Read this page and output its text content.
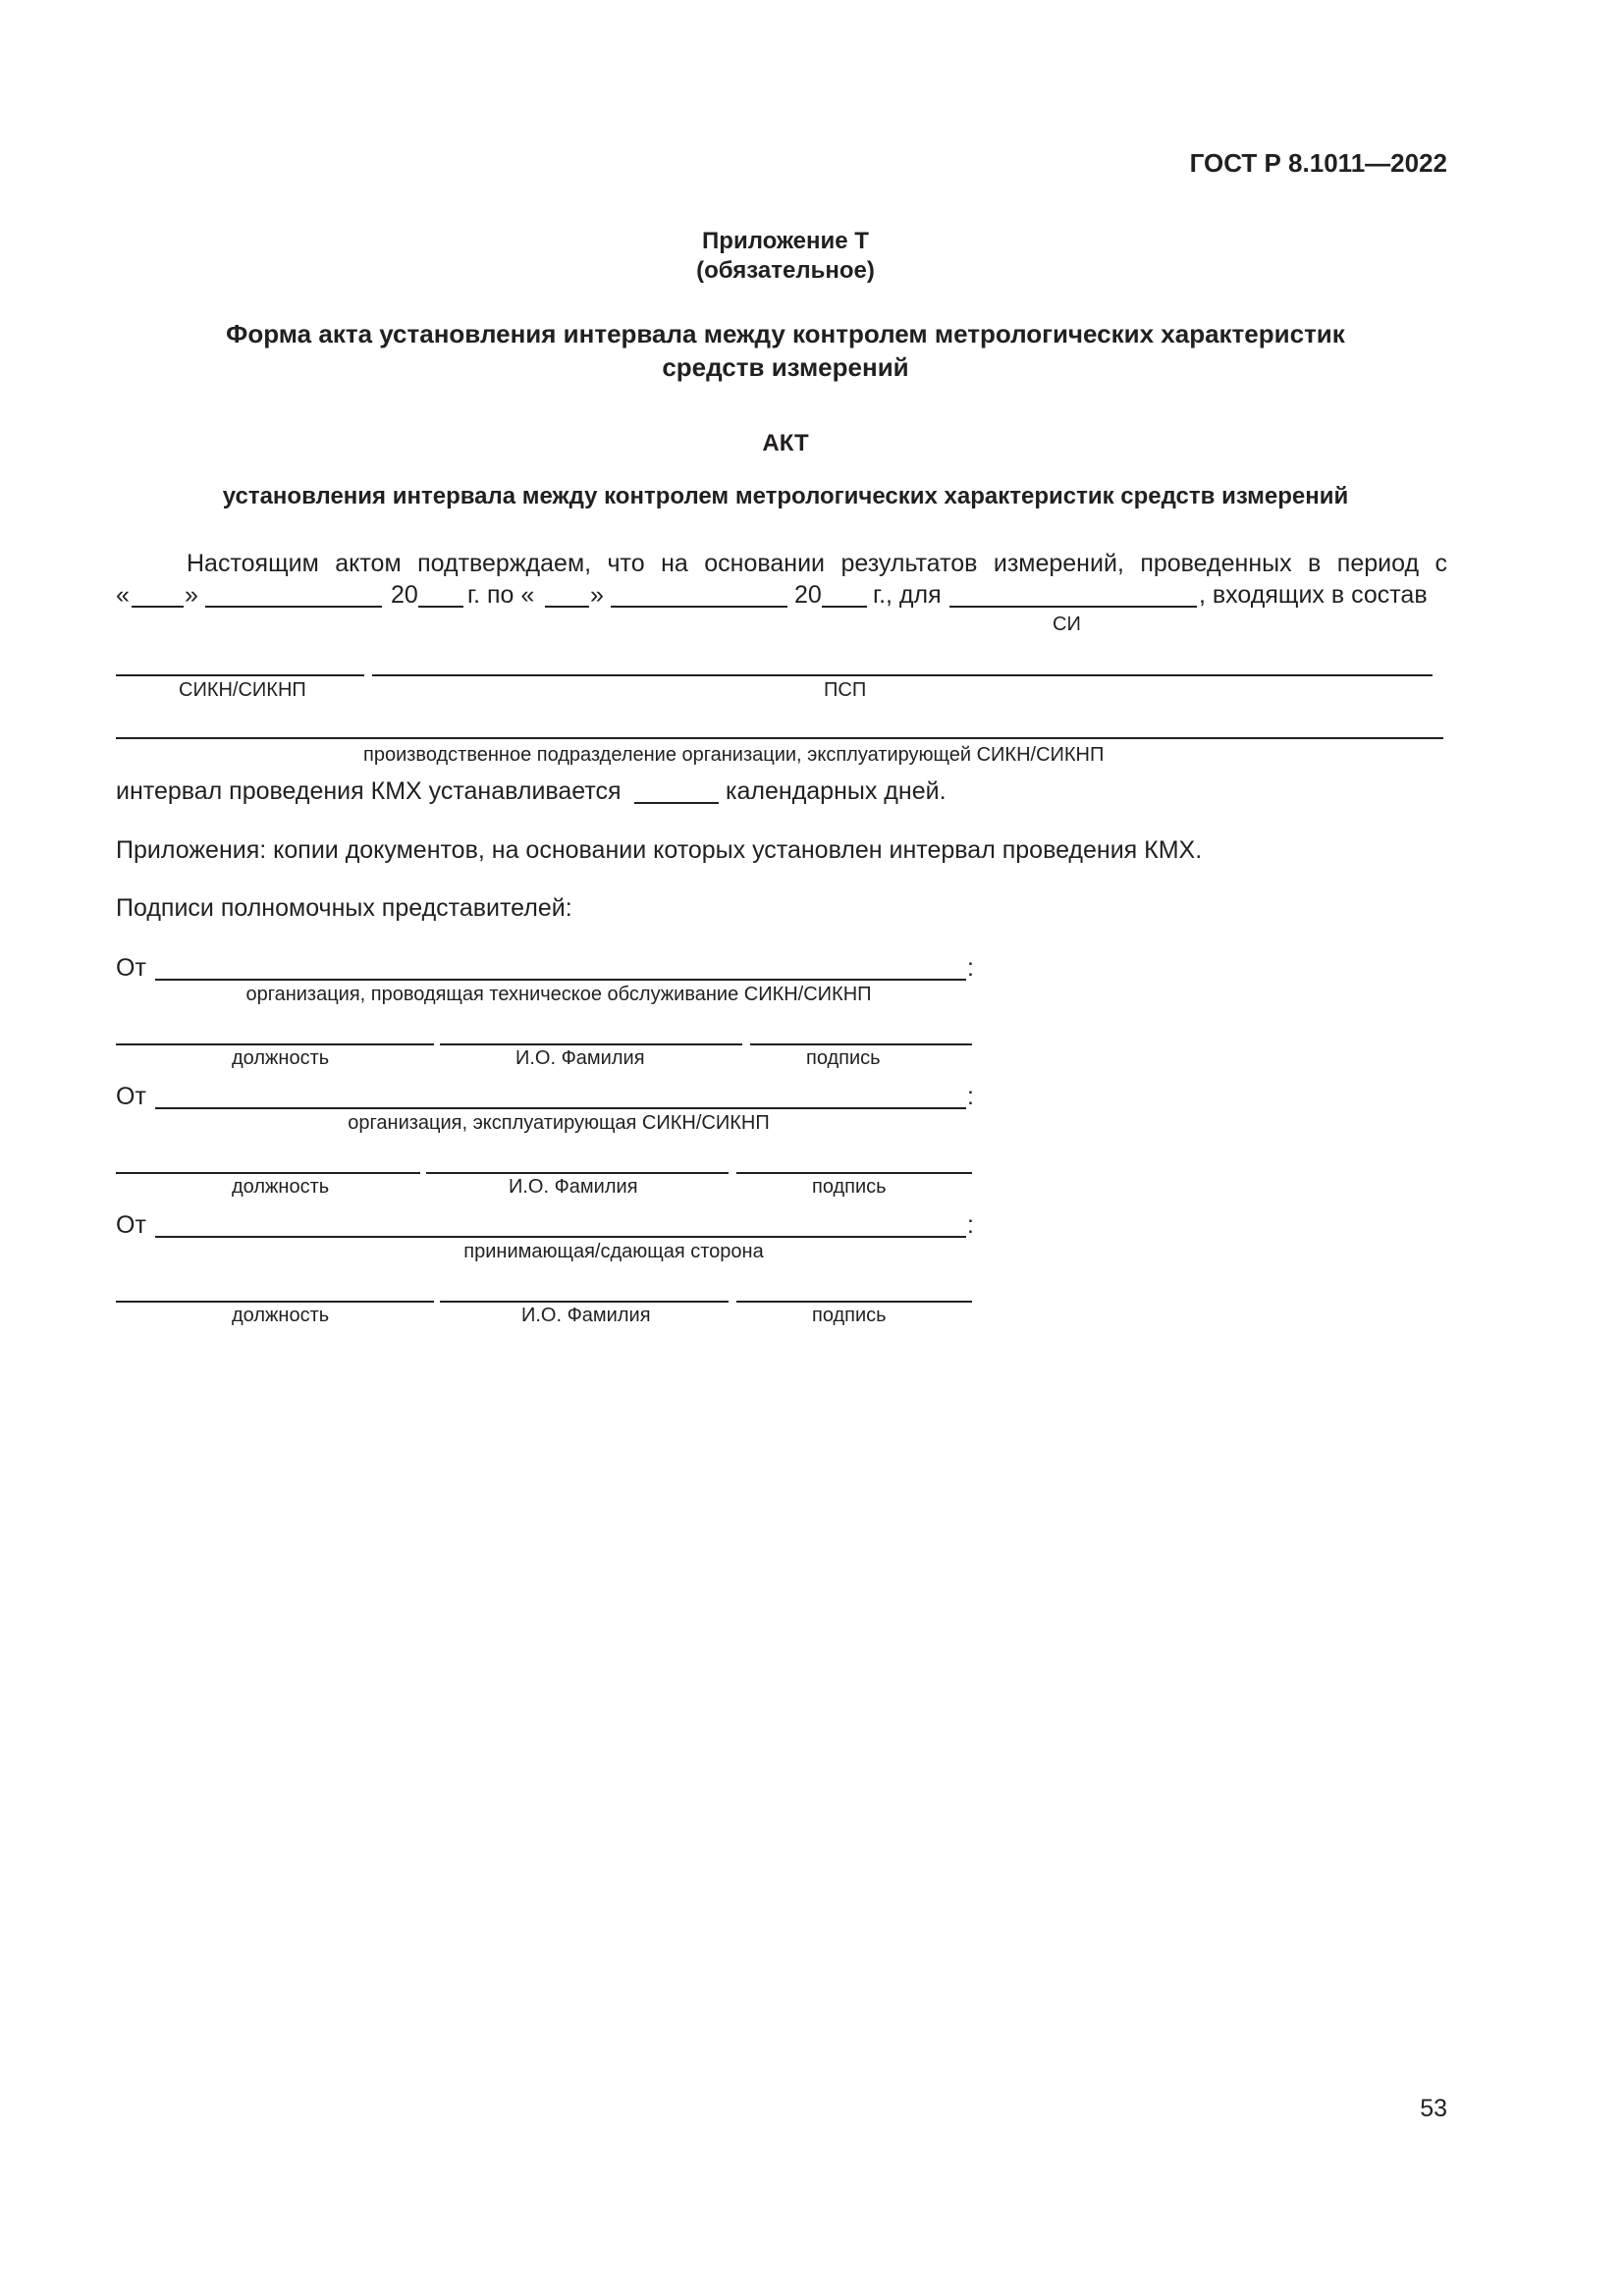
ГОСТ Р 8.1011—2022
Приложение Т
(обязательное)
Форма акта установления интервала между контролем метрологических характеристик
средств измерений
АКТ
установления интервала между контролем метрологических характеристик средств измерений
Настоящим актом подтверждаем, что на основании результатов измерений, проведенных в период с
« »	20 г. по « »	20 г., для	, входящих в состав
СИ
СИКН/СИКНП	ПСП
производственное подразделение организации, эксплуатирующей СИКН/СИКНП
интервал проведения КМХ устанавливается	календарных дней.
Приложения: копии документов, на основании которых установлен интервал проведения КМХ.
Подписи полномочных представителей:
От	:
организация, проводящая техническое обслуживание СИКН/СИКНП
должность	И.О. Фамилия	подпись
От	:
организация, эксплуатирующая СИКН/СИКНП
должность	И.О. Фамилия	подпись
От	:
принимающая/сдающая сторона
должность	И.О. Фамилия	подпись
53
